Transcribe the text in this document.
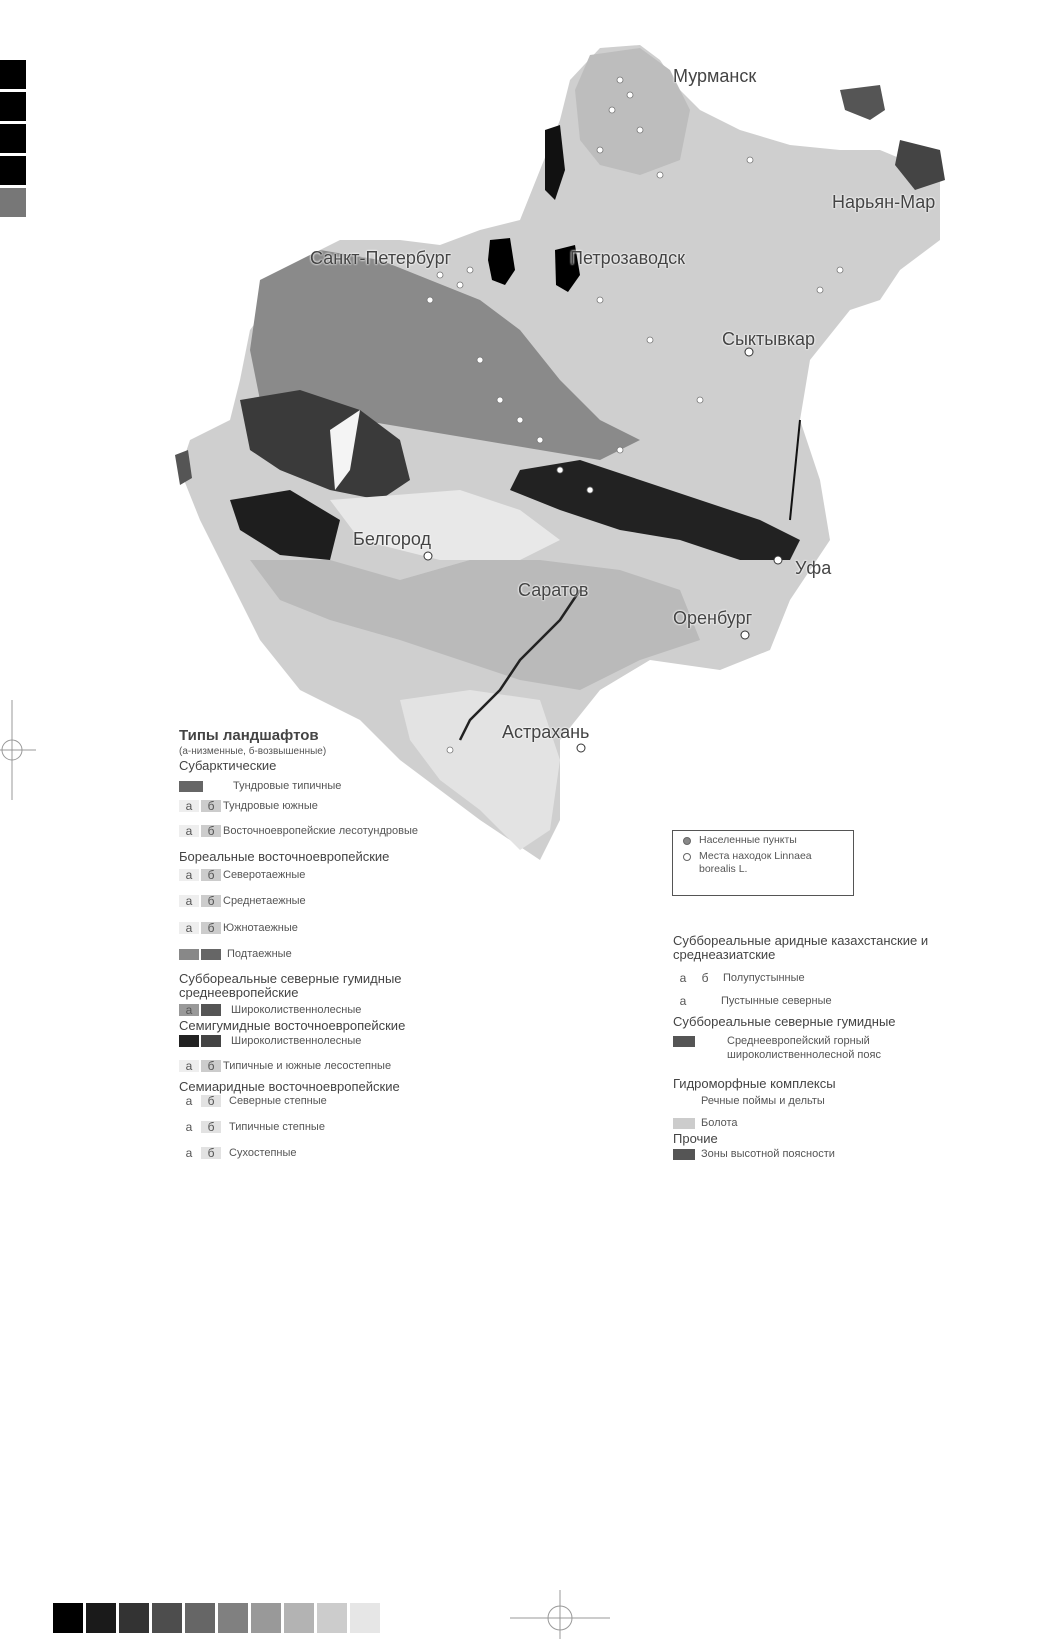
Мурманск
Нарьян-Мар
Санкт-Петербург	Петрозаводск
Сыктывкар
Белгород
Саратов
Уфа
Оренбург
Астрахань
Типы ландшафтов
(а-низменные, б-возвышенные)
Субарктические
Тундровые типичные
а	б Тундровые южные
а	б Восточноевропейские лесотундровые
Бореальные восточноевропейские
а	б Северотаежные
а	б Среднетаежные
а	б Южнотаежные
Подтаежные
Суббореальные северные гумидные среднеевропейские
а	б	Широколиственнолесные
Семигумидные восточноевропейские
а	б	Широколиственнолесные
а	б Типичные и южные лесостепные
Семиаридные восточноевропейские
а	б	Северные степные
а	б	Типичные степные
а	б	Сухостепные
Населенные пункты
Места находок Linnaea borealis L.
Суббореальные аридные казахстанские и среднеазиатские
а	б	Полупустынные
а	Пустынные северные
Суббореальные северные гумидные
Среднеевропейский горный широколиственнолесной пояс
Гидроморфные комплексы
Речные поймы и дельты
Болота
Прочие
Зоны высотной поясности
